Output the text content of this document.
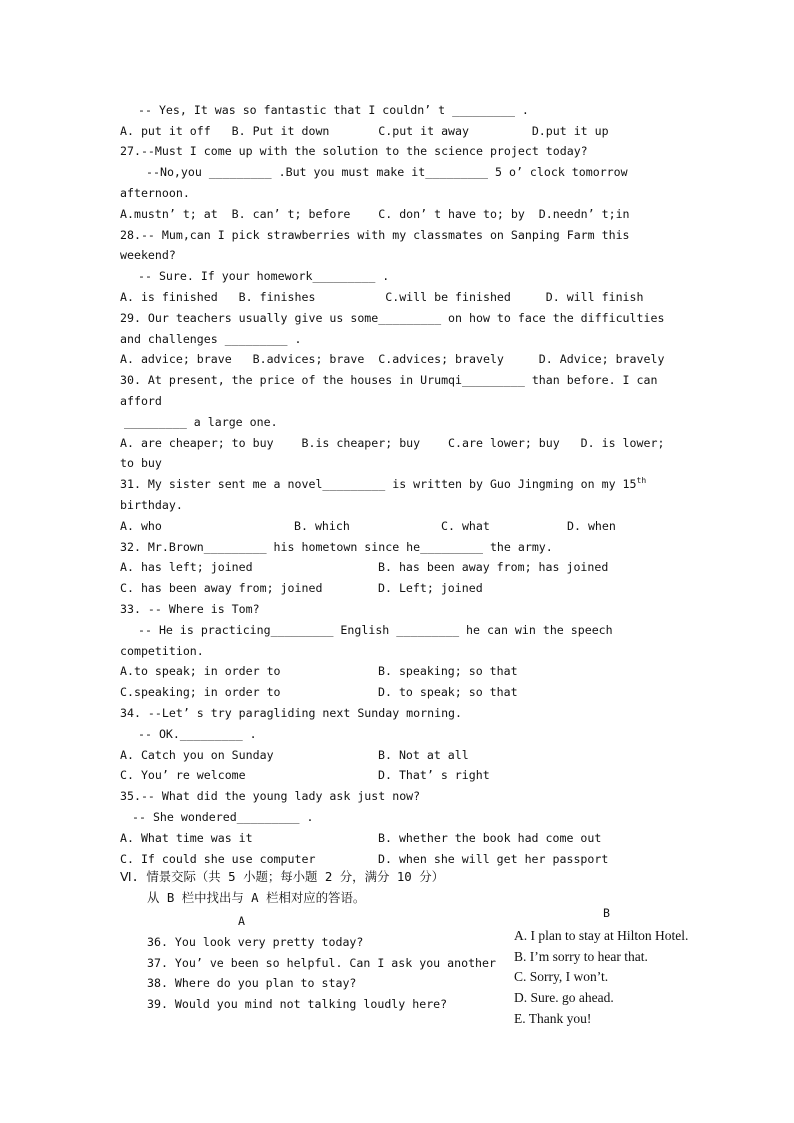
-- Yes, It was so fantastic that I couldn’ t _________ .
A. put it off   B. Put it down       C.put it away         D.put it up
27.--Must I come up with the solution to the science project today?
--No,you _________ .But you must make it_________ 5 o’ clock tomorrow
afternoon.
A.mustn’ t; at  B. can’ t; before    C. don’ t have to; by  D.needn’ t;in
28.-- Mum,can I pick strawberries with my classmates on Sanping Farm this
weekend?
-- Sure. If your homework_________ .
A. is finished   B. finishes          C.will be finished     D. will finish
29. Our teachers usually give us some_________ on how to face the difficulties
and challenges _________ .
A. advice; brave   B.advices; brave  C.advices; bravely     D. Advice; bravely
30. At present, the price of the houses in Urumqi_________ than before. I can
afford
_________ a large one.
A. are cheaper; to buy    B.is cheaper; buy    C.are lower; buy   D. is lower;
to buy
31. My sister sent me a novel_________ is written by Guo Jingming on my 15th
birthday.
A. who	B. which	C. what	D. when
32. Mr.Brown_________ his hometown since he_________ the army.
A. has left; joined	B. has been away from; has joined
C. has been away from; joined	D. Left; joined
33. -- Where is Tom?
-- He is practicing_________ English _________ he can win the speech
competition.
A.to speak; in order to	B. speaking; so that
C.speaking; in order to	D. to speak; so that
34. --Let’ s try paragliding next Sunday morning.
-- OK._________ .
A. Catch you on Sunday	B. Not at all
C. You’ re welcome	D. That’ s right
35.-- What did the young lady ask just now?
-- She wondered_________ .
A. What time was it	B. whether the book had come out
C. If could she use computer	D. when she will get her passport
Ⅵ. 情景交际（共 5 小题；每小题 2 分，满分 10 分）
从 B 栏中找出与 A 栏相对应的答语。
A
B
36. You look very pretty today?
37. You’ ve been so helpful. Can I ask you another
38. Where do you plan to stay?
39. Would you mind not talking loudly here?
A. I plan to stay at Hilton Hotel.
B. I’m sorry to hear that.
C. Sorry, I won’t.
D. Sure. go ahead.
E. Thank you!
